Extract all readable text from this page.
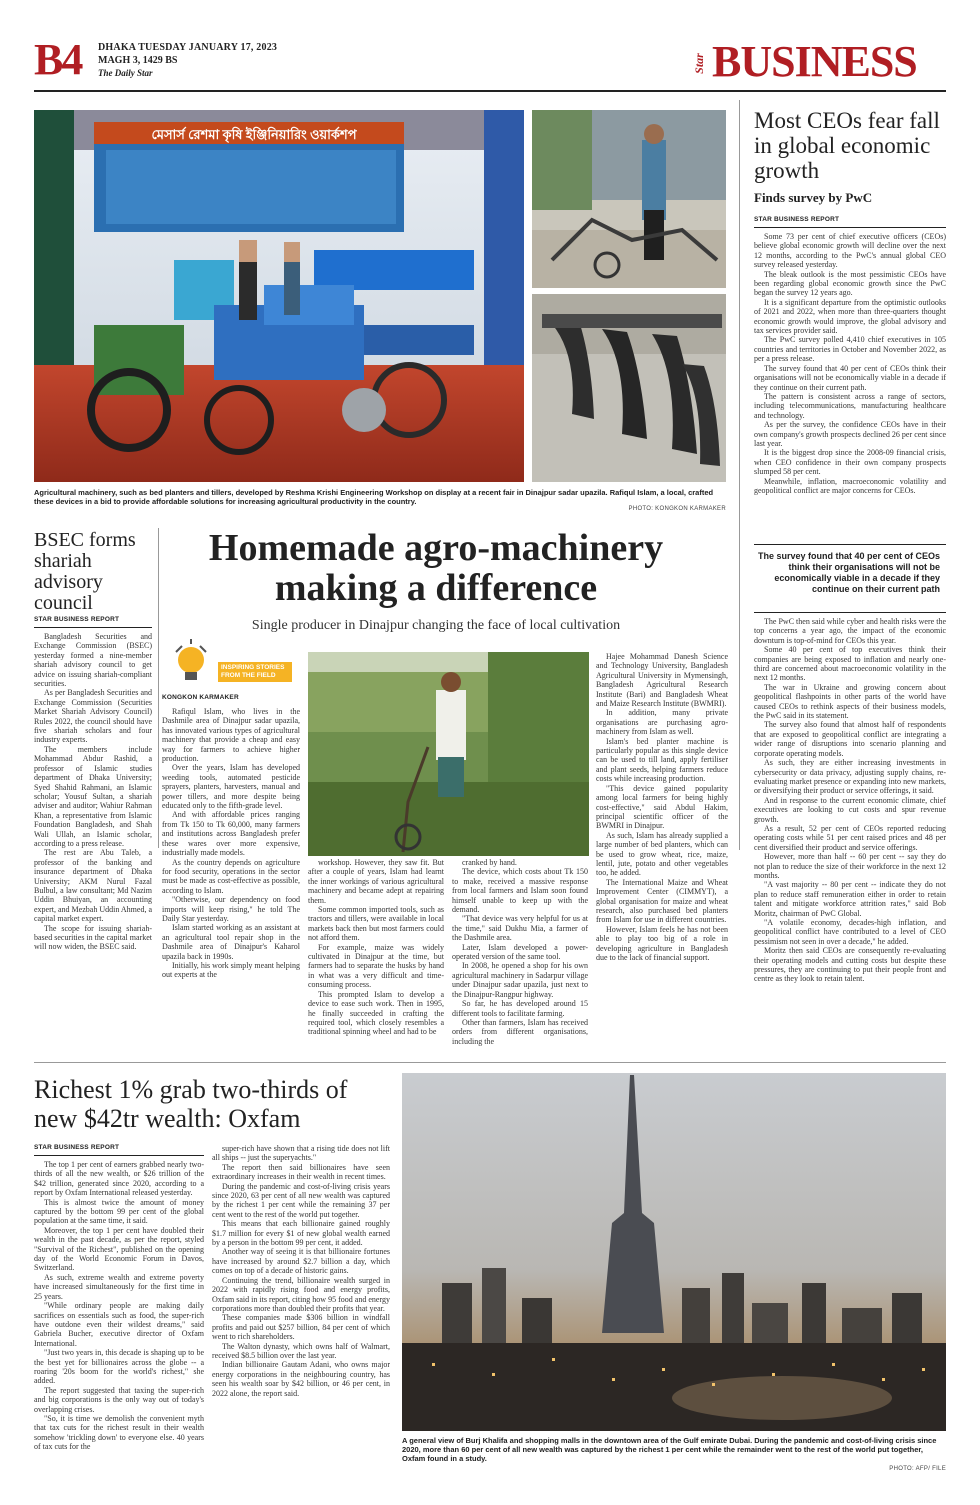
B4 DHAKA TUESDAY JANUARY 17, 2023
MAGH 3, 1429 BS
The Daily Star	Star BUSINESS
মেসার্স রেশমা কৃষি ইঞ্জিনিয়ারিং ওয়ার্কশপ
Agricultural machinery, such as bed planters and tillers, developed by Reshma Krishi Engineering Workshop on display at a recent fair in Dinajpur sadar upazila. Rafiqul Islam, a local, crafted these devices in a bid to provide affordable solutions for increasing agricultural productivity in the country.
PHOTO: KONGKON KARMAKER
Most CEOs fear fall in global economic growth
Finds survey by PwC
STAR BUSINESS REPORT

Some 73 per cent of chief executive officers (CEOs) believe global economic growth will decline over the next 12 months, according to the PwC's annual global CEO survey released yesterday.

The bleak outlook is the most pessimistic CEOs have been regarding global economic growth since the PwC began the survey 12 years ago.

It is a significant departure from the optimistic outlooks of 2021 and 2022, when more than three-quarters thought economic growth would improve, the global advisory and tax services provider said.

The PwC survey polled 4,410 chief executives in 105 countries and territories in October and November 2022, as per a press release.

The survey found that 40 per cent of CEOs think their organisations will not be economically viable in a decade if they continue on their current path.

The pattern is consistent across a range of sectors, including telecommunications, manufacturing healthcare and technology.

As per the survey, the confidence CEOs have in their own company's growth prospects declined 26 per cent since last year.

It is the biggest drop since the 2008-09 financial crisis, when CEO confidence in their own company prospects slumped 58 per cent.

Meanwhile, inflation, macroeconomic volatility and geopolitical conflict are major concerns for CEOs.

The survey found that 40 per cent of CEOs think their organisations will not be economically viable in a decade if they continue on their current path

The PwC then said while cyber and health risks were the top concerns a year ago, the impact of the economic downturn is top-of-mind for CEOs this year.

Some 40 per cent of top executives think their companies are being exposed to inflation and nearly one-third are concerned about macroeconomic volatility in the next 12 months.

The war in Ukraine and growing concern about geopolitical flashpoints in other parts of the world have caused CEOs to rethink aspects of their business models, the PwC said in its statement.

The survey also found that almost half of respondents that are exposed to geopolitical conflict are integrating a wider range of disruptions into scenario planning and corporate operating models.

As such, they are either increasing investments in cybersecurity or data privacy, adjusting supply chains, re-evaluating market presence or expanding into new markets, or diversifying their product or service offerings, it said.

And in response to the current economic climate, chief executives are looking to cut costs and spur revenue growth.

As a result, 52 per cent of CEOs reported reducing operating costs while 51 per cent raised prices and 48 per cent diversified their product and service offerings.

However, more than half -- 60 per cent -- say they do not plan to reduce the size of their workforce in the next 12 months.

"A vast majority -- 80 per cent -- indicate they do not plan to reduce staff remuneration either in order to retain talent and mitigate workforce attrition rates," said Bob Moritz, chairman of PwC Global.

"A volatile economy, decades-high inflation, and geopolitical conflict have contributed to a level of CEO pessimism not seen in over a decade," he added.

Moritz then said CEOs are consequently re-evaluating their operating models and cutting costs but despite these pressures, they are continuing to put their people front and centre as they look to retain talent.

BSEC forms shariah advisory council
STAR BUSINESS REPORT

Bangladesh Securities and Exchange Commission (BSEC) yesterday formed a nine-member shariah advisory council to get advice on issuing shariah-compliant securities.

As per Bangladesh Securities and Exchange Commission (Securities Market Shariah Advisory Council) Rules 2022, the council should have five shariah scholars and four industry experts.

The members include Mohammad Abdur Rashid, a professor of Islamic studies department of Dhaka University; Syed Shahid Rahmani, an Islamic scholar; Yousuf Sultan, a shariah adviser and auditor; Wahiur Rahman Khan, a representative from Islamic Foundation Bangladesh, and Shah Wali Ullah, an Islamic scholar, according to a press release.

The rest are Abu Taleb, a professor of the banking and insurance department of Dhaka University; AKM Nurul Fazal Bulbul, a law consultant; Md Nazim Uddin Bhuiyan, an accounting expert, and Mezbah Uddin Ahmed, a capital market expert.

The scope for issuing shariah-based securities in the capital market will now widen, the BSEC said.

Homemade agro-machinery making a difference
Single producer in Dinajpur changing the face of local cultivation
INSPIRING STORIES FROM THE FIELD
KONGKON KARMAKER

Rafiqul Islam, who lives in the Dashmile area of Dinajpur sadar upazila, has innovated various types of agricultural machinery that provide a cheap and easy way for farmers to achieve higher production.

Over the years, Islam has developed weeding tools, automated pesticide sprayers, planters, harvesters, manual and power tillers, and more despite being educated only to the fifth-grade level.

And with affordable prices ranging from Tk 150 to Tk 60,000, many farmers and institutions across Bangladesh prefer these wares over more expensive, industrially made models.

As the country depends on agriculture for food security, operations in the sector must be made as cost-effective as possible, according to Islam.

"Otherwise, our dependency on food imports will keep rising," he told The Daily Star yesterday.

Islam started working as an assistant at an agricultural tool repair shop in the Dashmile area of Dinajpur's Kaharol upazila back in 1990s.

Initially, his work simply meant helping out experts at the

Hajee Mohammad Danesh Science and Technology University, Bangladesh Agricultural University in Mymensingh, Bangladesh Agricultural Research Institute (Bari) and Bangladesh Wheat and Maize Research Institute (BWMRI).

In addition, many private organisations are purchasing agro-machinery from Islam as well.

Islam's bed planter machine is particularly popular as this single device can be used to till land, apply fertiliser and plant seeds, helping farmers reduce costs while increasing production.

"This device gained popularity among local farmers for being highly cost-effective," said Abdul Hakim, principal scientific officer of the BWMRI in Dinajpur.

As such, Islam has already supplied a large number of bed planters, which can be used to grow wheat, rice, maize, lentil, jute, potato and other vegetables too, he added.

The International Maize and Wheat Improvement Center (CIMMYT), a global organisation for maize and wheat research, also purchased bed planters from Islam for use in different countries.

However, Islam feels he has not been able to play too big of a role in developing agriculture in Bangladesh due to the lack of financial support.

Richest 1% grab two-thirds of new $42tr wealth: Oxfam
STAR BUSINESS REPORT

The top 1 per cent of earners grabbed nearly two-thirds of all the new wealth, or $26 trillion of the $42 trillion, generated since 2020, according to a report by Oxfam International released yesterday.

This is almost twice the amount of money captured by the bottom 99 per cent of the global population at the same time, it said.

Moreover, the top 1 per cent have doubled their wealth in the past decade, as per the report, styled "Survival of the Richest", published on the opening day of the World Economic Forum in Davos, Switzerland.

As such, extreme wealth and extreme poverty have increased simultaneously for the first time in 25 years.

"While ordinary people are making daily sacrifices on essentials such as food, the super-rich have outdone even their wildest dreams," said Gabriela Bucher, executive director of Oxfam International.

"Just two years in, this decade is shaping up to be the best yet for billionaires across the globe -- a roaring '20s boom for the world's richest," she added.

The report suggested that taxing the super-rich and big corporations is the only way out of today's overlapping crises.

"So, it is time we demolish the convenient myth that tax cuts for the richest result in their wealth somehow 'trickling down' to everyone else. 40 years of tax cuts for the

super-rich have shown that a rising tide does not lift all ships -- just the superyachts."

The report then said billionaires have seen extraordinary increases in their wealth in recent times.

During the pandemic and cost-of-living crisis years since 2020, 63 per cent of all new wealth was captured by the richest 1 per cent while the remaining 37 per cent went to the rest of the world put together.

This means that each billionaire gained roughly $1.7 million for every $1 of new global wealth earned by a person in the bottom 99 per cent, it added.

Another way of seeing it is that billionaire fortunes have increased by around $2.7 billion a day, which comes on top of a decade of historic gains.

Continuing the trend, billionaire wealth surged in 2022 with rapidly rising food and energy profits, Oxfam said in its report, citing how 95 food and energy corporations more than doubled their profits that year.

These companies made $306 billion in windfall profits and paid out $257 billion, 84 per cent of which went to rich shareholders.

The Walton dynasty, which owns half of Walmart, received $8.5 billion over the last year.

Indian billionaire Gautam Adani, who owns major energy corporations in the neighbouring country, has seen his wealth soar by $42 billion, or 46 per cent, in 2022 alone, the report said.

A general view of Burj Khalifa and shopping malls in the downtown area of the Gulf emirate Dubai. During the pandemic and cost-of-living crisis since 2020, more than 60 per cent of all new wealth was captured by the richest 1 per cent while the remainder went to the rest of the world put together, Oxfam found in a study.
PHOTO: AFP/ FILE

workshop. However, they saw fit. But after a couple of years, Islam had learnt the inner workings of various agricultural machinery and became adept at repairing them.

Some common imported tools, such as tractors and tillers, were available in local markets back then but most farmers could not afford them.

For example, maize was widely cultivated in Dinajpur at the time, but farmers had to separate the husks by hand in what was a very difficult and time-consuming process.

This prompted Islam to develop a device to ease such work. Then in 1995, he finally succeeded in crafting the required tool, which closely resembles a traditional spinning wheel and had to be

cranked by hand.

The device, which costs about Tk 150 to make, received a massive response from local farmers and Islam soon found himself unable to keep up with the demand.

"That device was very helpful for us at the time," said Dukhu Mia, a farmer of the Dashmile area.

Later, Islam developed a power-operated version of the same tool.

In 2008, he opened a shop for his own agricultural machinery in Sadarpur village under Dinajpur sadar upazila, just next to the Dinajpur-Rangpur highway.

So far, he has developed around 15 different tools to facilitate farming.

Other than farmers, Islam has received orders from different organisations, including the
